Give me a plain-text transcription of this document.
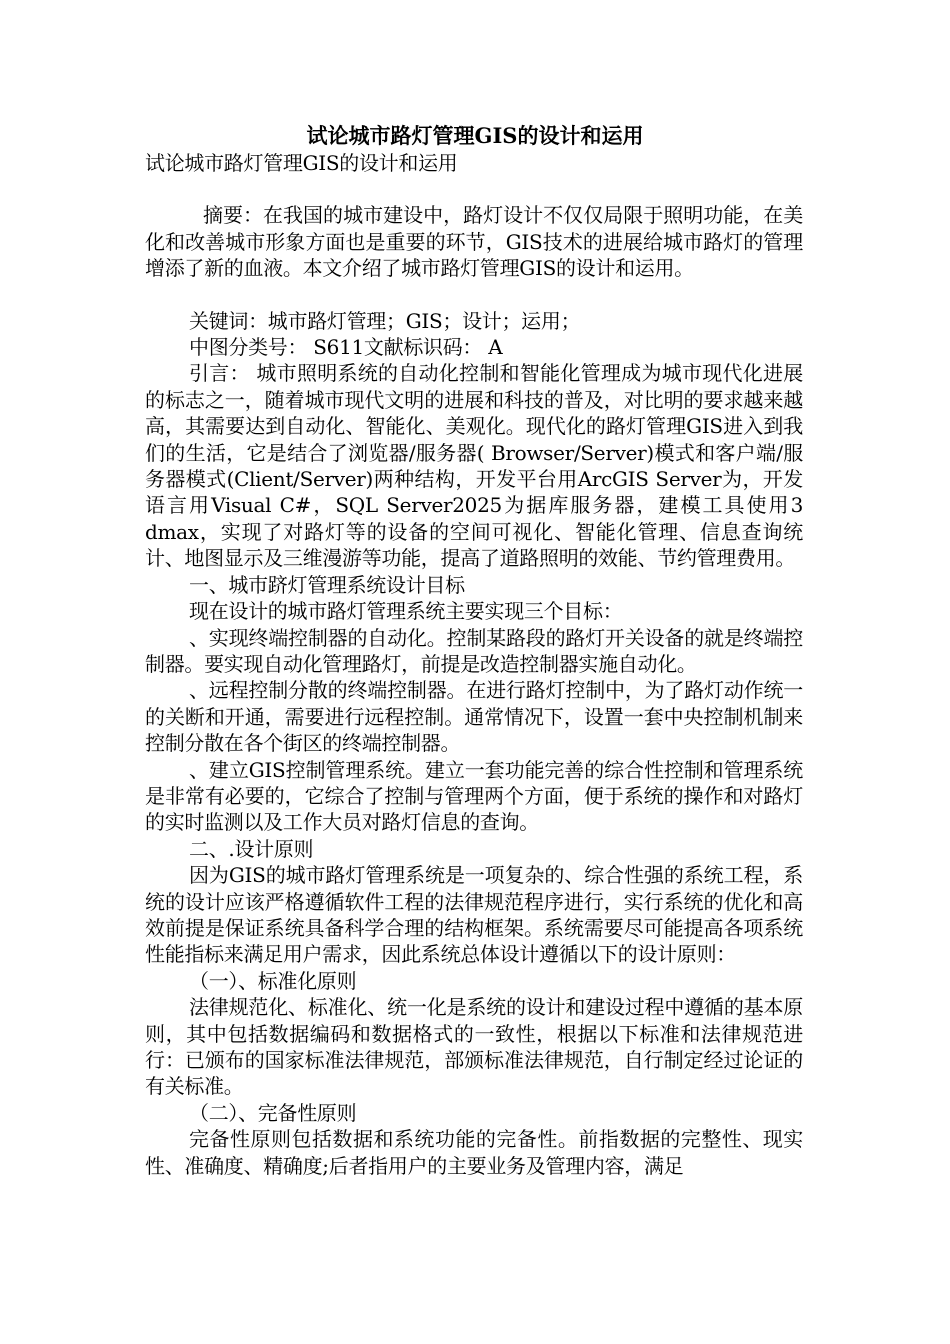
试论城市路灯管理GIS的设计和运用

试论城市路灯管理GIS的设计和运用

摘要：在我国的城市建设中，路灯设计不仅仅局限于照明功能，在美化和改善城市形象方面也是重要的环节，GIS技术的进展给城市路灯的管理增添了新的血液。本文介绍了城市路灯管理GIS的设计和运用。

关键词：城市路灯管理；GIS；设计；运用；

中图分类号： S611文献标识码： A

引言： 城市照明系统的自动化控制和智能化管理成为城市现代化进展的标志之一，随着城市现代文明的进展和科技的普及，对比明的要求越来越高，其需要达到自动化、智能化、美观化。现代化的路灯管理GIS进入到我们的生活，它是结合了浏览器/服务器( Browser/Server)模式和客户端/服务器模式(Client/Server)两种结构，开发平台用ArcGIS Server为，开发语言用Visual C#，SQL Server2025为据库服务器，建模工具使用3 dmax，实现了对路灯等的设备的空间可视化、智能化管理、信息查询统计、地图显示及三维漫游等功能，提高了道路照明的效能、节约管理费用。

一、城巿跻灯管理系统设计目标

现在设计的城市路灯管理系统主要实现三个目标：

、实现终端控制器的自动化。控制某路段的路灯开关设备的就是终端控制器。要实现自动化管理路灯，前提是改造控制器实施自动化。

、远程控制分散的终端控制器。在进行路灯控制中，为了路灯动作统一的关断和开通，需要进行远程控制。通常情况下，设置一套中央控制机制来控制分散在各个街区的终端控制器。

、建立GIS控制管理系统。建立一套功能完善的综合性控制和管理系统是非常有必要的，它综合了控制与管理两个方面，便于系统的操作和对路灯的实时监测以及工作大员对路灯信息的查询。

二、.设计原则

因为GIS的城市路灯管理系统是一项复杂的、综合性强的系统工程，系统的设计应该严格遵循软件工程的法律规范程序进行，实行系统的优化和高效前提是保证系统具备科学合理的结构框架。系统需要尽可能提高各项系统性能指标来满足用户需求，因此系统总体设计遵循以下的设计原则：

（一）、标准化原则

法律规范化、标准化、统一化是系统的设计和建设过程中遵循的基本原则，其中包括数据编码和数据格式的一致性，根据以下标准和法律规范进行：已颁布的国家标准法律规范，部颁标准法律规范，自行制定经过论证的有关标准。

（二）、完备性原则

完备性原则包括数据和系统功能的完备性。前指数据的完整性、现实性、准确度、精确度;后者指用户的主要业务及管理内容，满足
